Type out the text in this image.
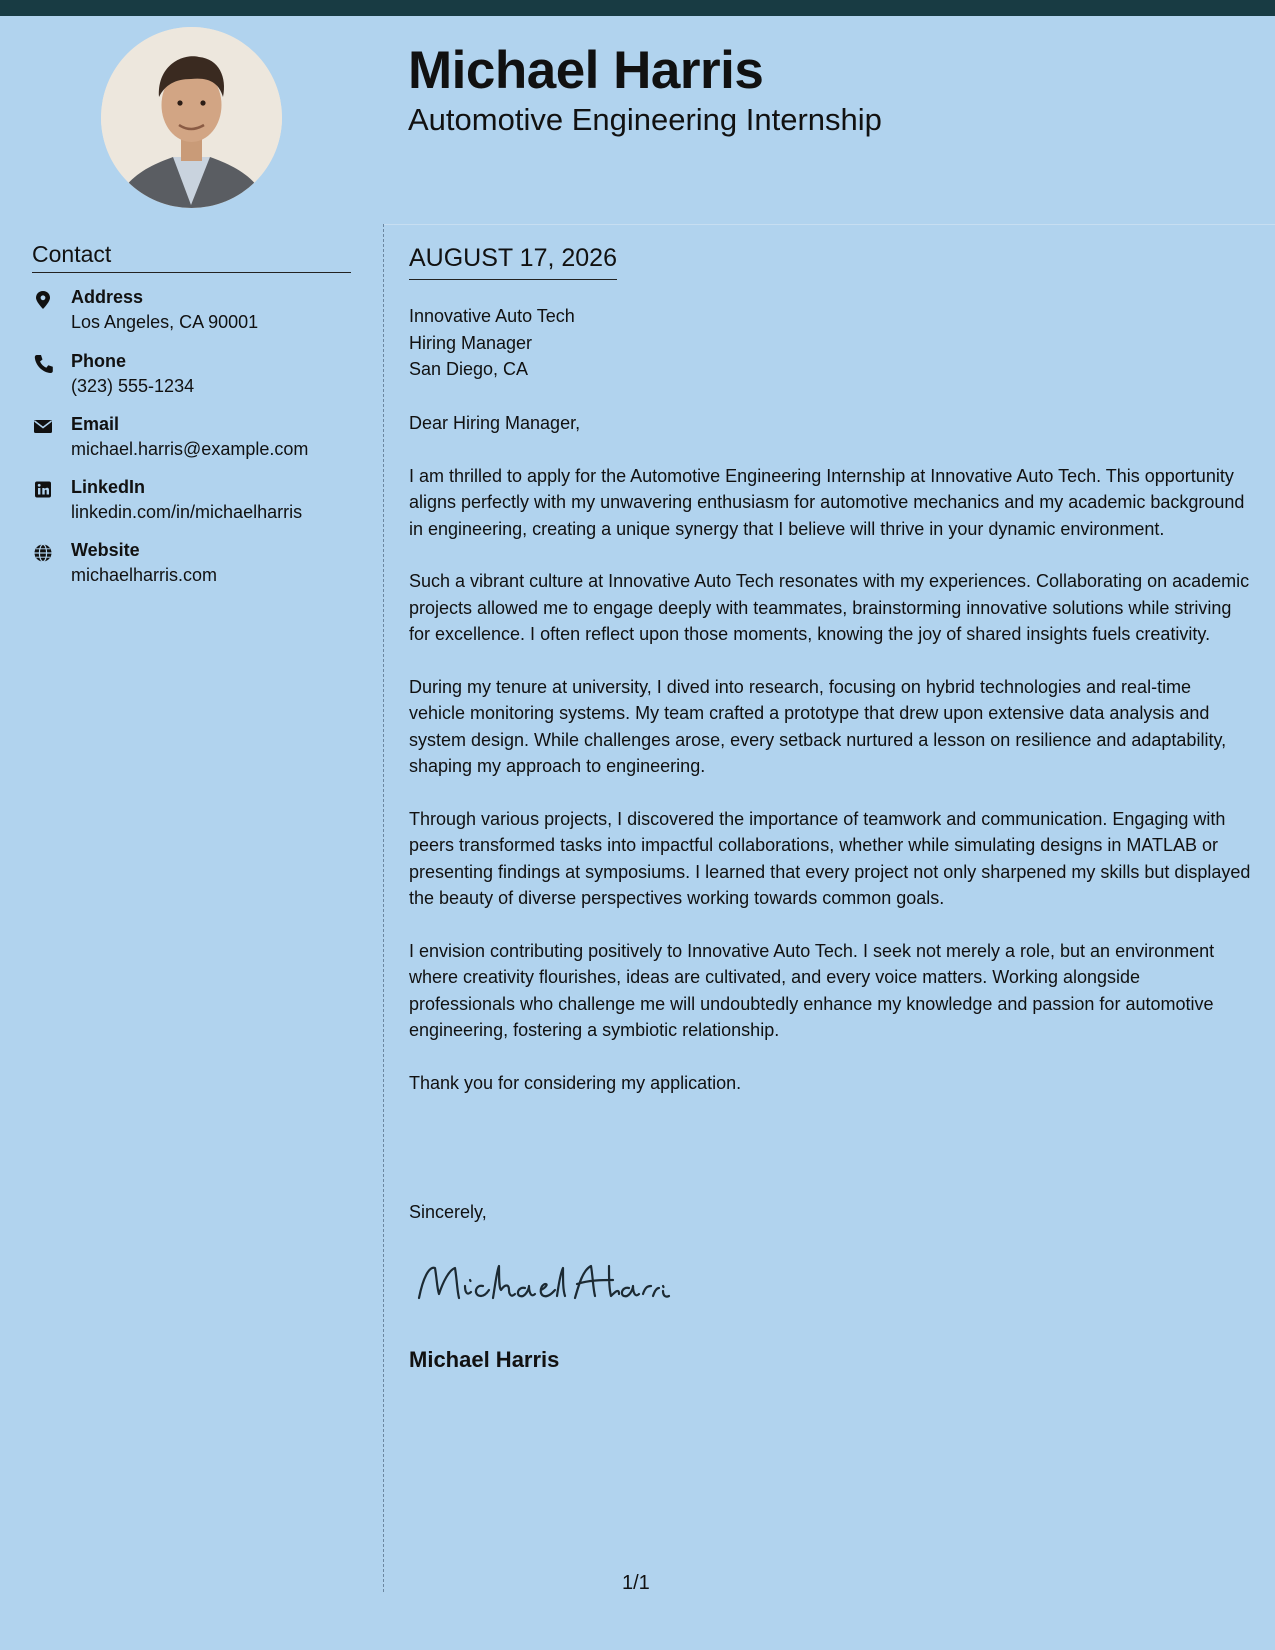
Michael Harris
Automotive Engineering Internship
Contact
Address
Los Angeles, CA 90001
Phone
(323) 555-1234
Email
michael.harris@example.com
LinkedIn
linkedin.com/in/michaelharris
Website
michaelharris.com
AUGUST 17, 2026
Innovative Auto Tech
Hiring Manager
San Diego, CA

Dear Hiring Manager,

I am thrilled to apply for the Automotive Engineering Internship at Innovative Auto Tech. This opportunity aligns perfectly with my unwavering enthusiasm for automotive mechanics and my academic background in engineering, creating a unique synergy that I believe will thrive in your dynamic environment.

Such a vibrant culture at Innovative Auto Tech resonates with my experiences. Collaborating on academic projects allowed me to engage deeply with teammates, brainstorming innovative solutions while striving for excellence. I often reflect upon those moments, knowing the joy of shared insights fuels creativity.

During my tenure at university, I dived into research, focusing on hybrid technologies and real-time vehicle monitoring systems. My team crafted a prototype that drew upon extensive data analysis and system design. While challenges arose, every setback nurtured a lesson on resilience and adaptability, shaping my approach to engineering.

Through various projects, I discovered the importance of teamwork and communication. Engaging with peers transformed tasks into impactful collaborations, whether while simulating designs in MATLAB or presenting findings at symposiums. I learned that every project not only sharpened my skills but displayed the beauty of diverse perspectives working towards common goals.

I envision contributing positively to Innovative Auto Tech. I seek not merely a role, but an environment where creativity flourishes, ideas are cultivated, and every voice matters. Working alongside professionals who challenge me will undoubtedly enhance my knowledge and passion for automotive engineering, fostering a symbiotic relationship.

Thank you for considering my application.

Sincerely,
Michael Harris
1/1
